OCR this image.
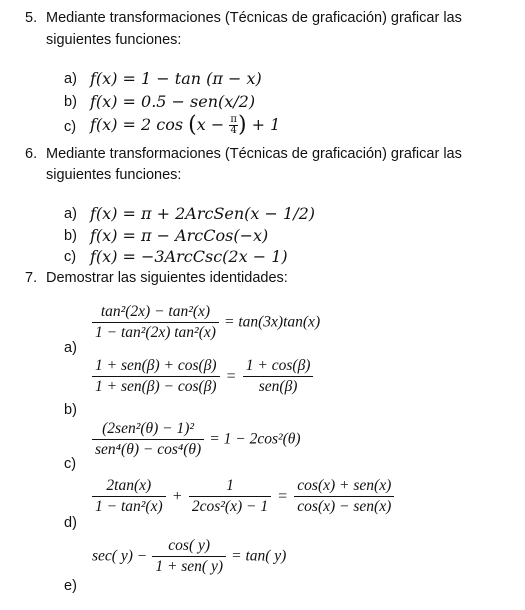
5. Mediante transformaciones (Técnicas de graficación) graficar las
siguientes funciones:
a) f(x) = 1 − tan (π − x)
b) f(x) = 0.5 − sen(x/2)
c) f(x) = 2 $\cos (x - \frac{\pi}{4}$ ) + 1
6. Mediante transformaciones (Técnicas de graficación) graficar las
siguientes funciones:
a) f(x) = π + 2ArcSen(x − 1/2)
b) f(x) = π − ArcCos(−x)
c) f(x) = −3ArcCsc(2x − 1)
7. Demostrar las siguientes identidades:
a)
$\frac{\text{tan²(2x) − tan²(x)}}{\text{1 − tan²(2x) tan²(x)}} = \tan(3x)\tan(x)$
b)
$\frac{\text{1 + sen(β) + cos(β)}}{\text{1 + sen(β) − cos(β)}} = \frac{1 + \cos(\beta)}{\text{sen(β)}}$
c)
$\frac{\text{(2sen²(θ) − 1)²}}{\text{sen⁴(θ) − cos⁴(θ)}} = 1 - 2\cos^2(\theta)$
d)
$\frac{2\tan(x)}{\text{1 − tan²(x)}} + \frac{1}{\text{2cos²(x) − 1}} = \frac{\text{cos(x) + sen(x)}}{\text{cos(x) − sen(x)}}$
e)
sec( $y) - \frac{\cos( y)}{\text{1 + sen( y)}} = \tan$( y)
